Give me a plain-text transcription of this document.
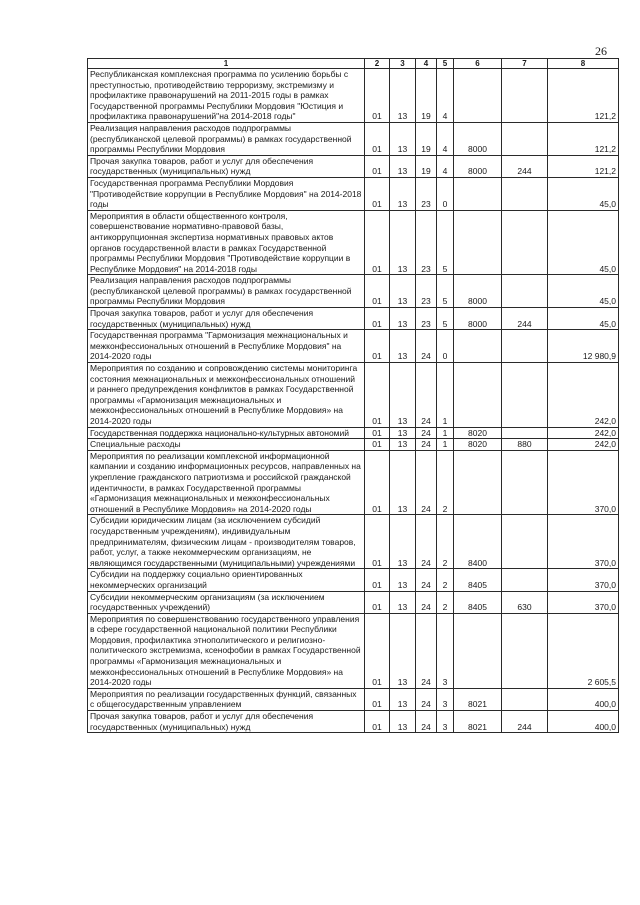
26
1	2	3	4	5	6	7	8
Республиканская комплексная программа по усилению борьбы с преступностью, противодействию терроризму, экстремизму и профилактике правонарушений на 2011-2015 годы в рамках Государственной программы Республики Мордовия "Юстиция и профилактика правонарушений"на 2014-2018 годы"	01	13	19	4			121,2
Реализация направления расходов подпрограммы (республиканской целевой программы) в рамках государственной программы Республики Мордовия	01	13	19	4	8000		121,2
Прочая закупка товаров, работ и услуг для обеспечения государственных (муниципальных) нужд	01	13	19	4	8000	244	121,2
Государственная программа Республики Мордовия "Противодействие коррупции в Республике Мордовия" на 2014-2018 годы	01	13	23	0			45,0
Мероприятия в области общественного контроля, совершенствование нормативно-правовой базы, антикоррупционная экспертиза нормативных правовых актов органов государственной власти в рамках Государственной программы Республики Мордовия "Противодействие коррупции в Республике Мордовия" на 2014-2018 годы	01	13	23	5			45,0
Реализация направления расходов подпрограммы (республиканской целевой программы) в рамках государственной программы Республики Мордовия	01	13	23	5	8000		45,0
Прочая закупка товаров, работ и услуг для обеспечения государственных (муниципальных) нужд	01	13	23	5	8000	244	45,0
Государственная программа "Гармонизация межнациональных и межконфессиональных отношений в Республике Мордовия" на 2014-2020 годы	01	13	24	0			12 980,9
Мероприятия по созданию и сопровождению системы мониторинга состояния межнациональных и межконфессиональных отношений и раннего предупреждения конфликтов в рамках Государственной программы «Гармонизация межнациональных и межконфессиональных отношений в Республике Мордовия» на 2014-2020 годы	01	13	24	1			242,0
Государственная поддержка национально-культурных автономий	01	13	24	1	8020		242,0
Специальные расходы	01	13	24	1	8020	880	242,0
Мероприятия по реализации комплексной информационной кампании и созданию информационных ресурсов, направленных на укрепление гражданского патриотизма и российской гражданской идентичности, в рамках Государственной программы «Гармонизация межнациональных и межконфессиональных отношений в Республике Мордовия» на 2014-2020 годы	01	13	24	2			370,0
Субсидии юридическим лицам (за исключением субсидий государственным учреждениям), индивидуальным предпринимателям, физическим лицам - производителям товаров, работ, услуг, а также некоммерческим организациям, не являющимся государственными (муниципальными) учреждениями	01	13	24	2	8400		370,0
Субсидии на поддержку социально ориентированных некоммерческих организаций	01	13	24	2	8405		370,0
Субсидии некоммерческим организациям (за исключением государственных учреждений)	01	13	24	2	8405	630	370,0
Мероприятия по совершенствованию государственного управления в сфере государственной национальной политики Республики Мордовия, профилактика этнополитического и религиозно-политического экстремизма, ксенофобии в рамках Государственной программы «Гармонизация межнациональных и межконфессиональных отношений в Республике Мордовия» на 2014-2020 годы	01	13	24	3			2 605,5
Мероприятия по реализации государственных функций, связанных с общегосударственным управлением	01	13	24	3	8021		400,0
Прочая закупка товаров, работ и услуг для обеспечения государственных (муниципальных) нужд	01	13	24	3	8021	244	400,0
